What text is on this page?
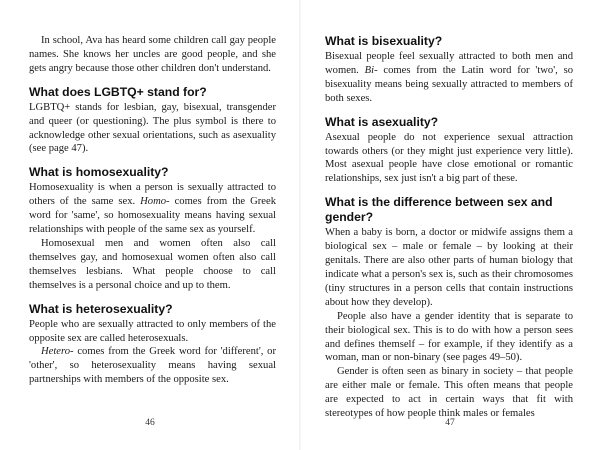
In school, Ava has heard some children call gay people names. She knows her uncles are good people, and she gets angry because those other children don't understand.

What does LGBTQ+ stand for?

LGBTQ+ stands for lesbian, gay, bisexual, transgender and queer (or questioning). The plus symbol is there to acknowledge other sexual orientations, such as asexuality (see page 47).

What is homosexuality?

Homosexuality is when a person is sexually attracted to others of the same sex. Homo- comes from the Greek word for 'same', so homosexuality means having sexual relationships with people of the same sex as yourself.

Homosexual men and women often also call themselves gay, and homosexual women often also call themselves lesbians. What people choose to call themselves is a personal choice and up to them.

What is heterosexuality?

People who are sexually attracted to only members of the opposite sex are called heterosexuals.

Hetero- comes from the Greek word for 'different', or 'other', so heterosexuality means having sexual partnerships with members of the opposite sex.

46
What is bisexuality?

Bisexual people feel sexually attracted to both men and women. Bi- comes from the Latin word for 'two', so bisexuality means being sexually attracted to members of both sexes.

What is asexuality?

Asexual people do not experience sexual attraction towards others (or they might just experience very little). Most asexual people have close emotional or romantic relationships, sex just isn't a big part of these.

What is the difference between sex and gender?

When a baby is born, a doctor or midwife assigns them a biological sex – male or female – by looking at their genitals. There are also other parts of human biology that indicate what a person's sex is, such as their chromosomes (tiny structures in a person cells that contain instructions about how they develop).

People also have a gender identity that is separate to their biological sex. This is to do with how a person sees and defines themself – for example, if they identify as a woman, man or non-binary (see pages 49–50).

Gender is often seen as binary in society – that people are either male or female. This often means that people are expected to act in certain ways that fit with stereotypes of how people think males or females

47
